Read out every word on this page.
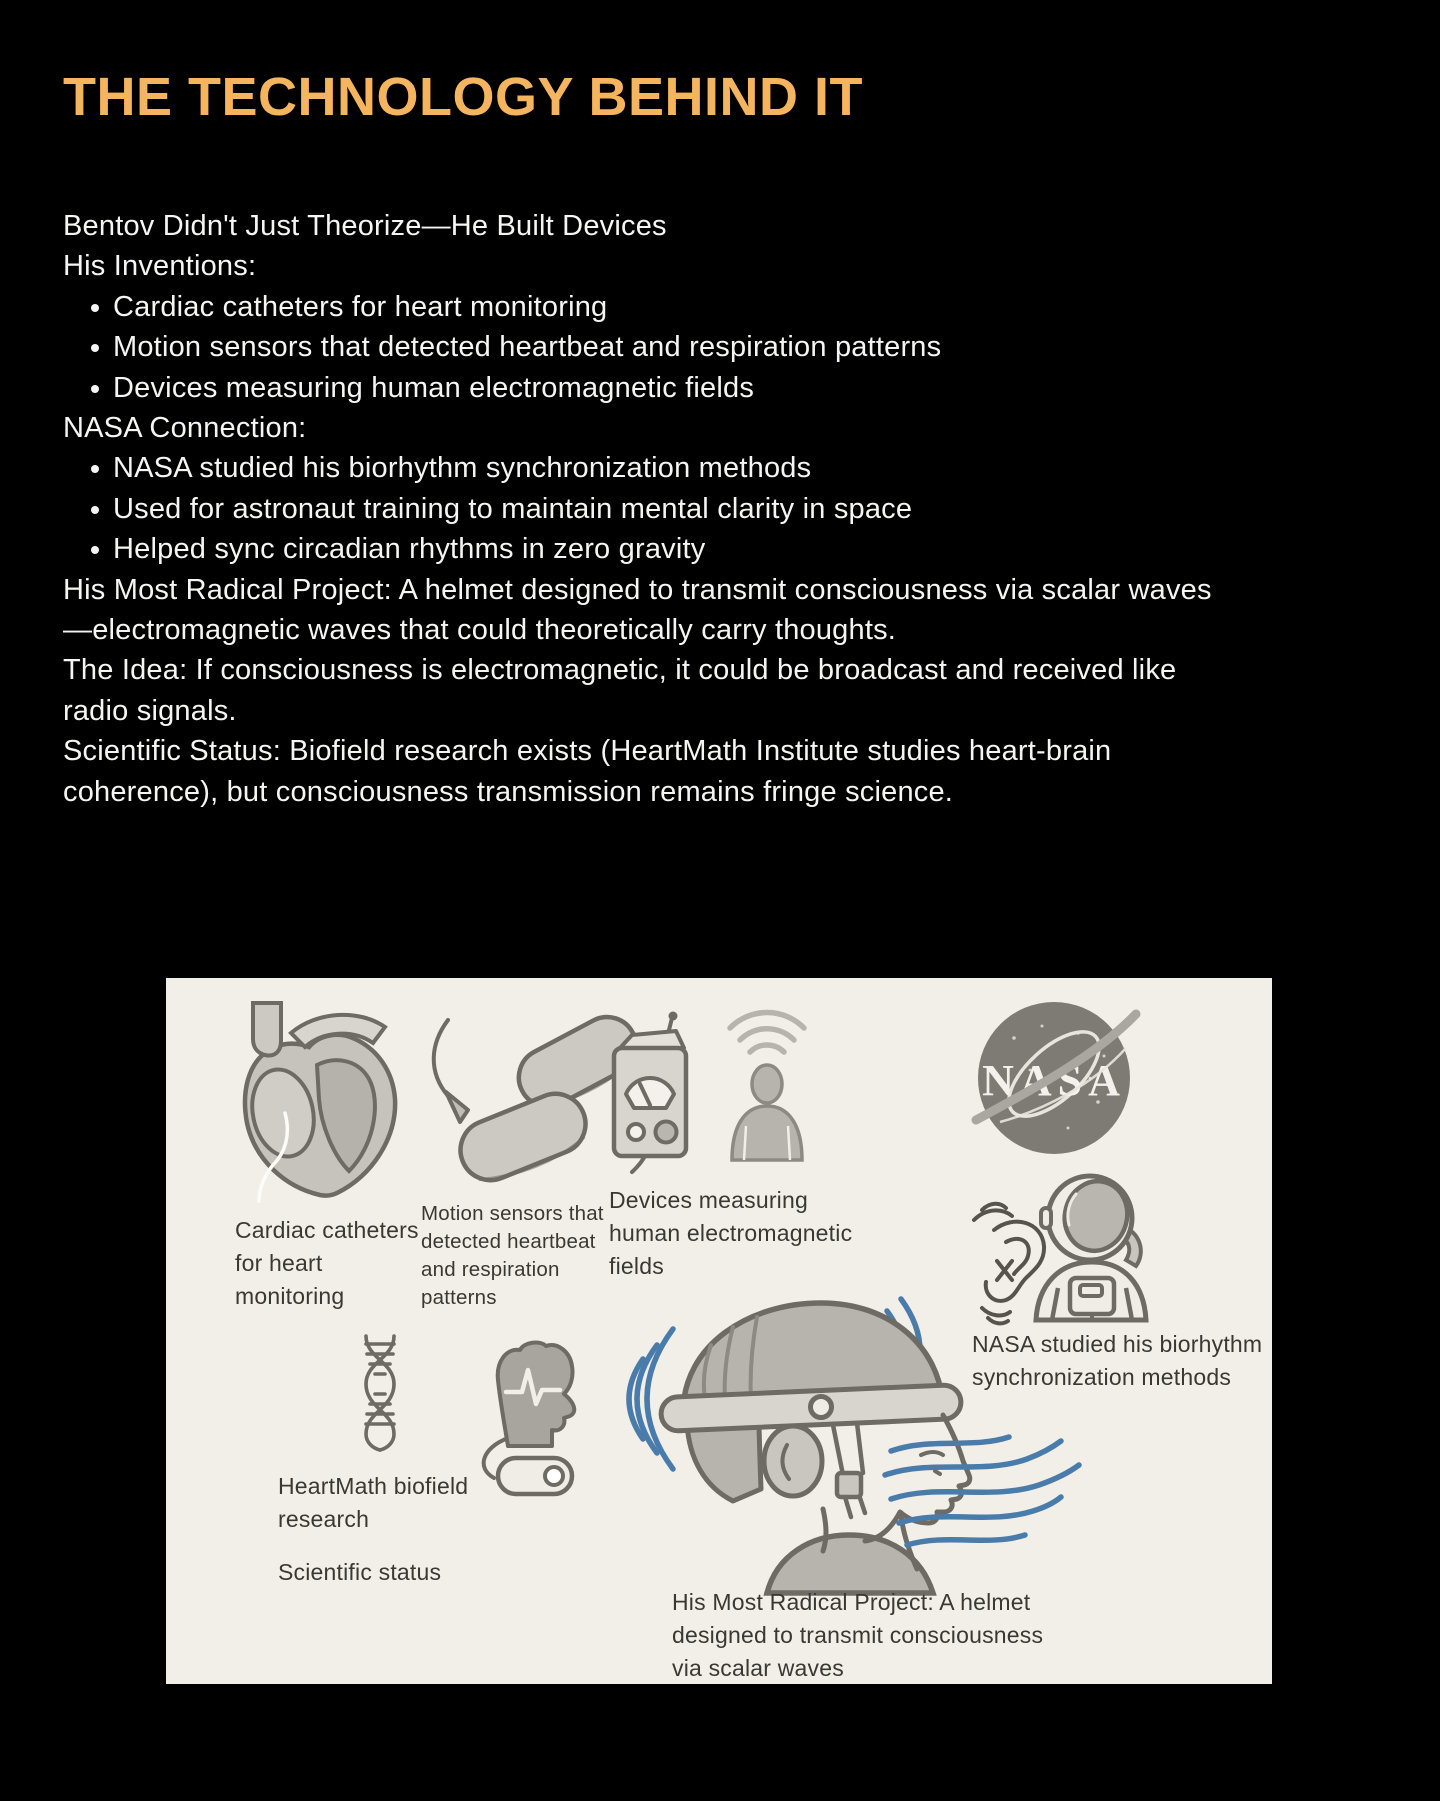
THE TECHNOLOGY BEHIND IT
Bentov Didn't Just Theorize—He Built Devices
His Inventions:
Cardiac catheters for heart monitoring
Motion sensors that detected heartbeat and respiration patterns
Devices measuring human electromagnetic fields
NASA Connection:
NASA studied his biorhythm synchronization methods
Used for astronaut training to maintain mental clarity in space
Helped sync circadian rhythms in zero gravity
His Most Radical Project: A helmet designed to transmit consciousness via scalar waves—electromagnetic waves that could theoretically carry thoughts.
The Idea: If consciousness is electromagnetic, it could be broadcast and received like radio signals.
Scientific Status: Biofield research exists (HeartMath Institute studies heart-brain coherence), but consciousness transmission remains fringe science.
NASA
Cardiac catheters for heart monitoring
Motion sensors that detected heartbeat and respiration patterns
Devices measuring human electromagnetic fields
NASA studied his biorhythm synchronization methods
HeartMath biofield research
Scientific status
His Most Radical Project: A helmet designed to transmit consciousness via scalar waves
